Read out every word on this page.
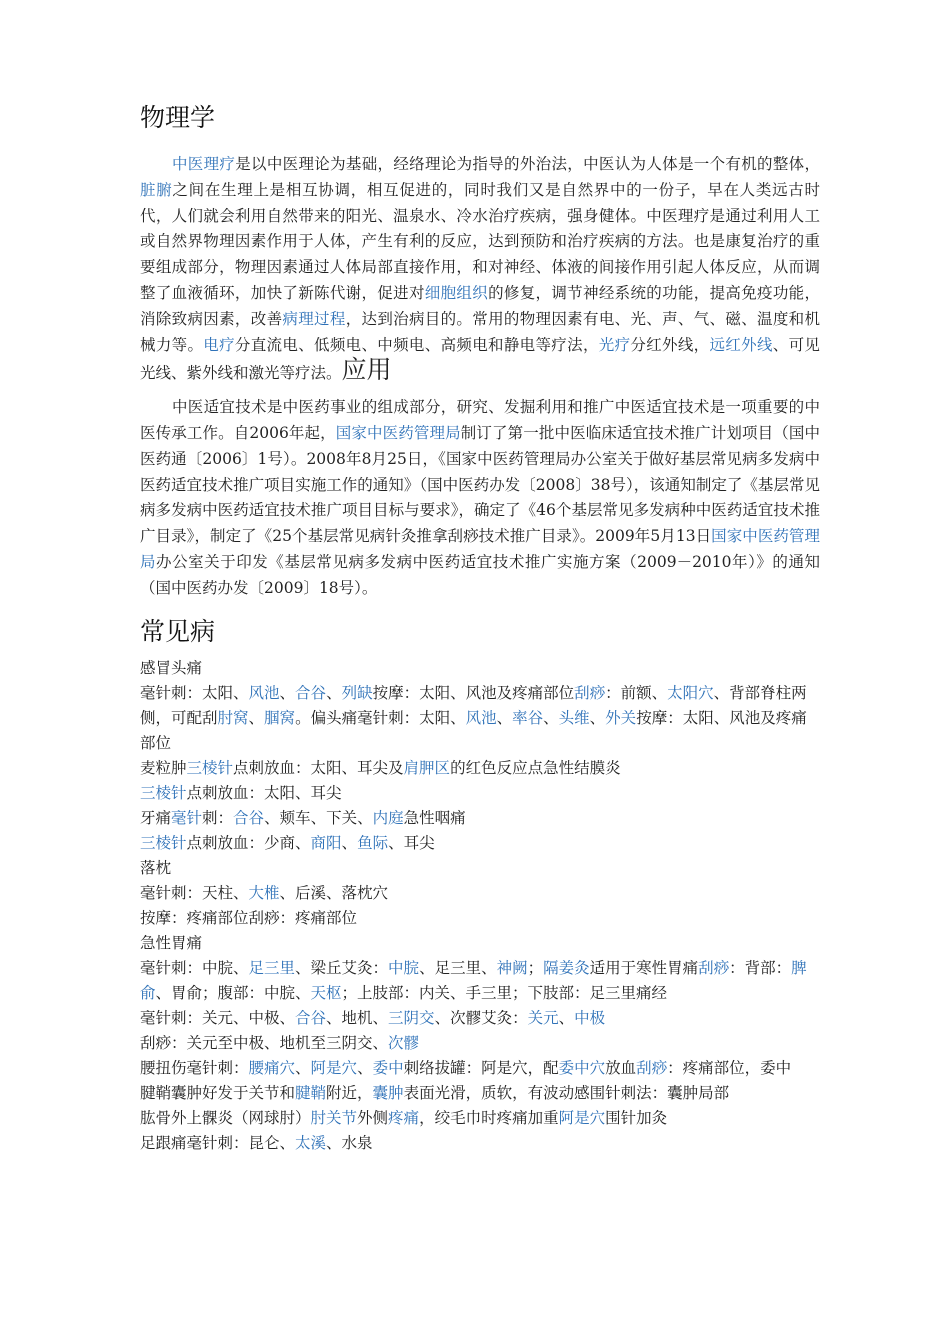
物理学

中医理疗是以中医理论为基础，经络理论为指导的外治法，中医认为人体是一个有机的整体，脏腑之间在生理上是相互协调，相互促进的，同时我们又是自然界中的一份子，早在人类远古时代，人们就会利用自然带来的阳光、温泉水、冷水治疗疾病，强身健体。中医理疗是通过利用人工或自然界物理因素作用于人体，产生有利的反应，达到预防和治疗疾病的方法。也是康复治疗的重要组成部分，物理因素通过人体局部直接作用，和对神经、体液的间接作用引起人体反应，从而调整了血液循环，加快了新陈代谢，促进对细胞组织的修复，调节神经系统的功能，提高免疫功能，消除致病因素，改善病理过程，达到治病目的。常用的物理因素有电、光、声、气、磁、温度和机械力等。电疗分直流电、低频电、中频电、高频电和静电等疗法，光疗分红外线，远红外线、可见光线、紫外线和激光等疗法。应用

中医适宜技术是中医药事业的组成部分，研究、发掘利用和推广中医适宜技术是一项重要的中医传承工作。自2006年起，国家中医药管理局制订了第一批中医临床适宜技术推广计划项目（国中医药通〔2006〕1号）。2008年8月25日，《国家中医药管理局办公室关于做好基层常见病多发病中医药适宜技术推广项目实施工作的通知》（国中医药办发〔2008〕38号），该通知制定了《基层常见病多发病中医药适宜技术推广项目目标与要求》，确定了《46个基层常见多发病种中医药适宜技术推广目录》，制定了《25个基层常见病针灸推拿刮痧技术推广目录》。2009年5月13日国家中医药管理局办公室关于印发《基层常见病多发病中医药适宜技术推广实施方案（2009－2010年）》的通知（国中医药办发〔2009〕18号）。

常见病
感冒头痛
毫针刺：太阳、风池、合谷、列缺按摩：太阳、风池及疼痛部位刮痧：前额、太阳穴、背部脊柱两侧，可配刮肘窝、腘窝。偏头痛毫针刺：太阳、风池、率谷、头维、外关按摩：太阳、风池及疼痛部位
麦粒肿三棱针点刺放血：太阳、耳尖及肩胛区的红色反应点急性结膜炎
三棱针点刺放血：太阳、耳尖
牙痛毫针刺：合谷、颊车、下关、内庭急性咽痛
三棱针点刺放血：少商、商阳、鱼际、耳尖
落枕
毫针刺：天柱、大椎、后溪、落枕穴
按摩：疼痛部位刮痧：疼痛部位
急性胃痛
毫针刺：中脘、足三里、梁丘艾灸：中脘、足三里、神阙；隔姜灸适用于寒性胃痛刮痧：背部：脾俞、胃俞；腹部：中脘、天枢；上肢部：内关、手三里；下肢部：足三里痛经
毫针刺：关元、中极、合谷、地机、三阴交、次髎艾灸：关元、中极
刮痧：关元至中极、地机至三阴交、次髎
腰扭伤毫针刺：腰痛穴、阿是穴、委中刺络拔罐：阿是穴，配委中穴放血刮痧：疼痛部位，委中
腱鞘囊肿好发于关节和腱鞘附近，囊肿表面光滑，质软，有波动感围针刺法：囊肿局部
肱骨外上髁炎（网球肘）肘关节外侧疼痛，绞毛巾时疼痛加重阿是穴围针加灸
足跟痛毫针刺：昆仑、太溪、水泉
